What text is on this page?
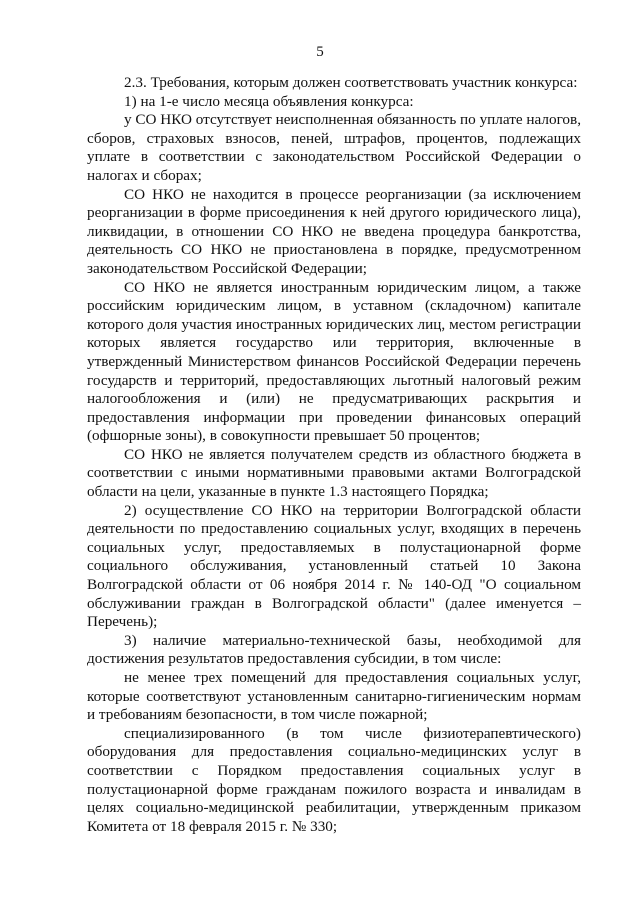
5

2.3. Требования, которым должен соответствовать участник конкурса:

1) на 1-е число месяца объявления конкурса:

у СО НКО отсутствует неисполненная обязанность по уплате налогов, сборов, страховых взносов, пеней, штрафов, процентов, подлежащих уплате в соответствии с законодательством Российской Федерации о налогах и сборах;

СО НКО не находится в процессе реорганизации (за исключением реорганизации в форме присоединения к ней другого юридического лица), ликвидации, в отношении СО НКО не введена процедура банкротства, деятельность СО НКО не приостановлена в порядке, предусмотренном законодательством Российской Федерации;

СО НКО не является иностранным юридическим лицом, а также российским юридическим лицом, в уставном (складочном) капитале которого доля участия иностранных юридических лиц, местом регистрации которых является государство или территория, включенные в утвержденный Министерством финансов Российской Федерации перечень государств и территорий, предоставляющих льготный налоговый режим налогообложения и (или) не предусматривающих раскрытия и предоставления информации при проведении финансовых операций (офшорные зоны), в совокупности превышает 50 процентов;

СО НКО не является получателем средств из областного бюджета в соответствии с иными нормативными правовыми актами Волгоградской области на цели, указанные в пункте 1.3 настоящего Порядка;

2) осуществление СО НКО на территории Волгоградской области деятельности по предоставлению социальных услуг, входящих в перечень социальных услуг, предоставляемых в полустационарной форме социального обслуживания, установленный статьей 10 Закона Волгоградской области от 06 ноября 2014 г. № 140-ОД "О социальном обслуживании граждан в Волгоградской области" (далее именуется – Перечень);

3) наличие материально-технической базы, необходимой для достижения результатов предоставления субсидии, в том числе:

не менее трех помещений для предоставления социальных услуг, которые соответствуют установленным санитарно-гигиеническим нормам и требованиям безопасности, в том числе пожарной;

специализированного (в том числе физиотерапевтического) оборудования для предоставления социально-медицинских услуг в соответствии с Порядком предоставления социальных услуг в полустационарной форме гражданам пожилого возраста и инвалидам в целях социально-медицинской реабилитации, утвержденным приказом Комитета от 18 февраля 2015 г. № 330;
